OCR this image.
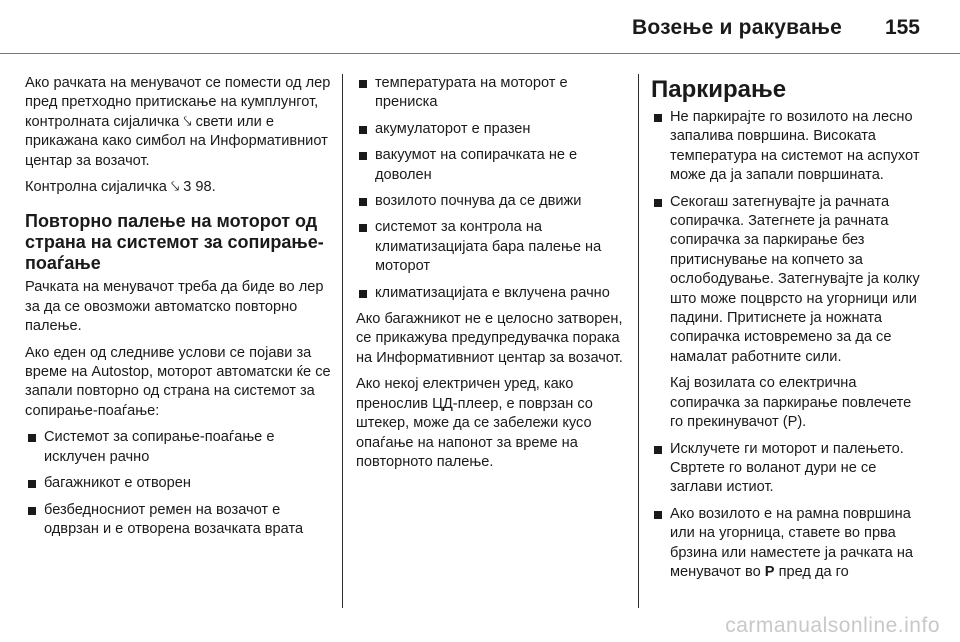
Возење и ракување 155

Ако рачката на менувачот се помести од лер пред претходно притискање на кумплунгот, контролната сијаличка ⤥ свети или е прикажана како симбол на Информативниот центар за возачот.

Контролна сијаличка ⤥ 3 98.

Повторно палење на моторот од страна на системот за сопирање-поаѓање

Рачката на менувачот треба да биде во лер за да се овозможи автоматско повторно палење.

Ако еден од следниве услови се појави за време на Autostop, моторот автоматски ќе се запали повторно од страна на системот за сопирање-поаѓање:

Системот за сопирање-поаѓање е исклучен рачно
багажникот е отворен
безбедносниот ремен на возачот е одврзан и е отворена возачката врата
температурата на моторот е прениска
акумулаторот е празен
вакуумот на сопирачката не е доволен
возилото почнува да се движи
системот за контрола на климатизацијата бара палење на моторот
климатизацијата е вклучена рачно

Ако багажникот не е целосно затворен, се прикажува предупредувачка порака на Информативниот центар за возачот.

Ако некој електричен уред, како пренослив ЦД-плеер, е поврзан со штекер, може да се забележи кусо опаѓање на напонот за време на повторното палење.

Паркирање
Не паркирајте го возилото на лесно запалива површина. Високата температура на системот на аспухот може да ја запали површината.
Секогаш затегнувајте ја рачната сопирачка. Затегнете ја рачната сопирачка за паркирање без притиснување на копчето за ослободување. Затегнувајте ја колку што може поцврсто на угорници или падини. Притиснете ја ножната сопирачка истовремено за да се намалат работните сили.

Кај возилата со електрична сопирачка за паркирање повлечете го прекинувачот (P).

Исклучете ги моторот и палењето. Свртете го воланот дури не се заглави истиот.
Ако возилото е на рамна површина или на угорница, ставете во прва брзина или наместете ја рачката на менувачот во P пред да го
carmanualsonline.info
